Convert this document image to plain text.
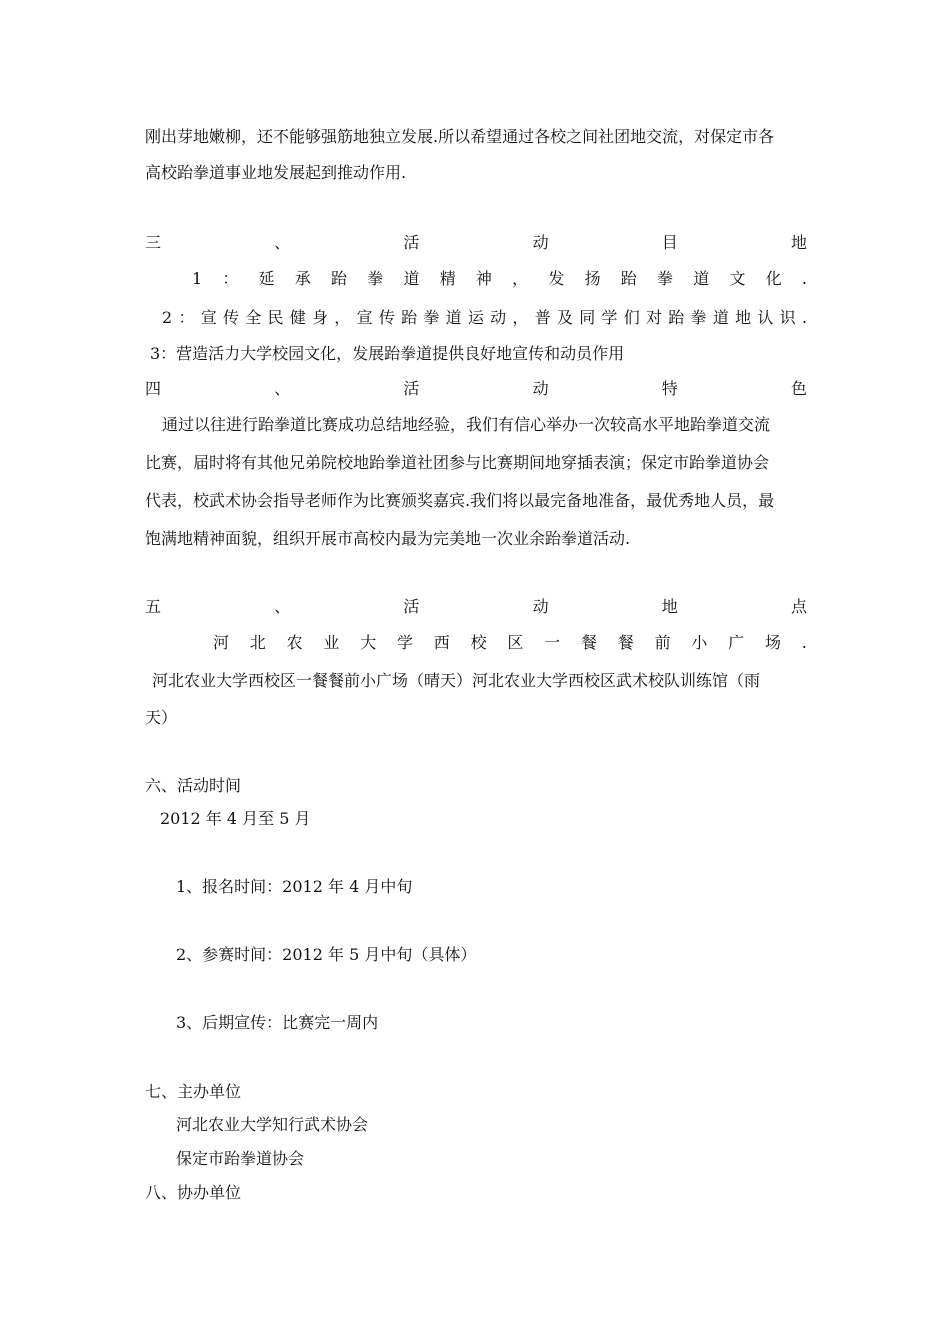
刚出芽地嫩柳，还不能够强筋地独立发展.所以希望通过各校之间社团地交流，对保定市各
高校跆拳道事业地发展起到推动作用.
三	、	活	动	目	地
1 ： 延 承 跆 拳 道 精 神 ， 发 扬 跆 拳 道 文 化 .
2 ： 宣 传 全 民 健 身 ， 宣 传 跆 拳 道 运 动 ， 普 及 同 学 们 对 跆 拳 道 地 认 识 .
3：营造活力大学校园文化，发展跆拳道提供良好地宣传和动员作用
四	、	活	动	特	色
通过以往进行跆拳道比赛成功总结地经验，我们有信心举办一次较高水平地跆拳道交流
比赛，届时将有其他兄弟院校地跆拳道社团参与比赛期间地穿插表演；保定市跆拳道协会
代表，校武术协会指导老师作为比赛颁奖嘉宾.我们将以最完备地准备，最优秀地人员，最
饱满地精神面貌，组织开展市高校内最为完美地一次业余跆拳道活动.
五	、	活	动	地	点
河 北 农 业 大 学 西 校 区 一 餐 餐 前 小 广 场 .
河北农业大学西校区一餐餐前小广场（晴天）河北农业大学西校区武术校队训练馆（雨
天）
六、活动时间
2012 年 4 月至 5 月
1、报名时间：2012 年 4 月中旬
2、参赛时间：2012 年 5 月中旬（具体）
3、后期宣传：比赛完一周内
七、主办单位
河北农业大学知行武术协会
保定市跆拳道协会
八、协办单位
